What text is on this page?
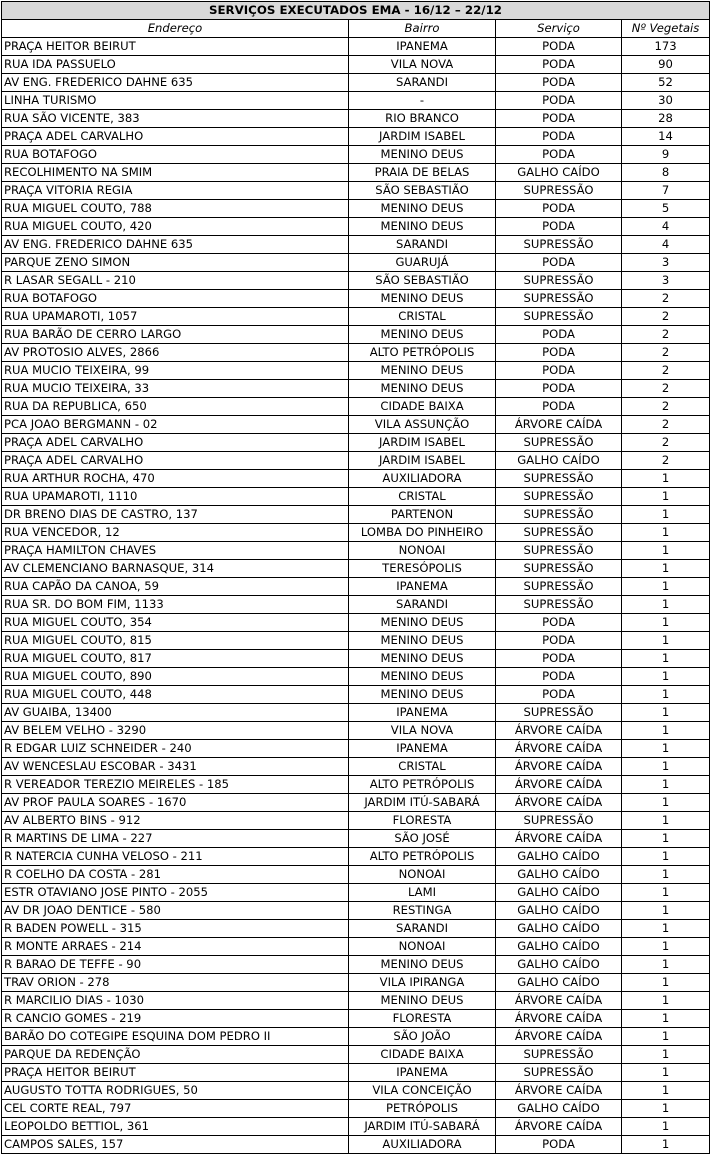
SERVIÇOS EXECUTADOS EMA - 16/12 – 22/12			
Endereço	Bairro	Serviço	Nº Vegetais
PRAÇA HEITOR BEIRUT	IPANEMA	PODA	173
RUA IDA PASSUELO	VILA NOVA	PODA	90
AV ENG. FREDERICO DAHNE 635	SARANDI	PODA	52
LINHA TURISMO	-	PODA	30
RUA SÃO VICENTE, 383	RIO BRANCO	PODA	28
PRAÇA ADEL CARVALHO	JARDIM ISABEL	PODA	14
RUA BOTAFOGO	MENINO DEUS	PODA	9
RECOLHIMENTO NA SMIM	PRAIA DE BELAS	GALHO CAÍDO	8
PRAÇA VITORIA REGIA	SÃO SEBASTIÃO	SUPRESSÃO	7
RUA MIGUEL COUTO, 788	MENINO DEUS	PODA	5
RUA MIGUEL COUTO, 420	MENINO DEUS	PODA	4
AV ENG. FREDERICO DAHNE 635	SARANDI	SUPRESSÃO	4
PARQUE ZENO SIMON	GUARUJÁ	PODA	3
R LASAR SEGALL - 210	SÃO SEBASTIÃO	SUPRESSÃO	3
RUA BOTAFOGO	MENINO DEUS	SUPRESSÃO	2
RUA UPAMAROTI, 1057	CRISTAL	SUPRESSÃO	2
RUA BARÃO DE CERRO LARGO	MENINO DEUS	PODA	2
AV PROTOSIO ALVES, 2866	ALTO PETRÓPOLIS	PODA	2
RUA MUCIO TEIXEIRA, 99	MENINO DEUS	PODA	2
RUA MUCIO TEIXEIRA, 33	MENINO DEUS	PODA	2
RUA DA REPUBLICA, 650	CIDADE BAIXA	PODA	2
PCA JOAO BERGMANN - 02	VILA ASSUNÇÃO	ÁRVORE CAÍDA	2
PRAÇA ADEL CARVALHO	JARDIM ISABEL	SUPRESSÃO	2
PRAÇA ADEL CARVALHO	JARDIM ISABEL	GALHO CAÍDO	2
RUA ARTHUR ROCHA, 470	AUXILIADORA	SUPRESSÃO	1
RUA UPAMAROTI, 1110	CRISTAL	SUPRESSÃO	1
DR BRENO DIAS DE CASTRO, 137	PARTENON	SUPRESSÃO	1
RUA VENCEDOR, 12	LOMBA DO PINHEIRO	SUPRESSÃO	1
PRAÇA HAMILTON CHAVES	NONOAI	SUPRESSÃO	1
AV CLEMENCIANO BARNASQUE, 314	TERESÓPOLIS	SUPRESSÃO	1
RUA CAPÃO DA CANOA, 59	IPANEMA	SUPRESSÃO	1
RUA SR. DO BOM FIM, 1133	SARANDI	SUPRESSÃO	1
RUA MIGUEL COUTO, 354	MENINO DEUS	PODA	1
RUA MIGUEL COUTO, 815	MENINO DEUS	PODA	1
RUA MIGUEL COUTO, 817	MENINO DEUS	PODA	1
RUA MIGUEL COUTO, 890	MENINO DEUS	PODA	1
RUA MIGUEL COUTO, 448	MENINO DEUS	PODA	1
AV GUAIBA, 13400	IPANEMA	SUPRESSÃO	1
AV BELEM VELHO - 3290	VILA NOVA	ÁRVORE CAÍDA	1
R EDGAR LUIZ SCHNEIDER - 240	IPANEMA	ÁRVORE CAÍDA	1
AV WENCESLAU ESCOBAR - 3431	CRISTAL	ÁRVORE CAÍDA	1
R VEREADOR TEREZIO MEIRELES - 185	ALTO PETRÓPOLIS	ÁRVORE CAÍDA	1
AV PROF PAULA SOARES - 1670	JARDIM ITÚ-SABARÁ	ÁRVORE CAÍDA	1
AV ALBERTO BINS - 912	FLORESTA	SUPRESSÃO	1
R MARTINS DE LIMA - 227	SÃO JOSÉ	ÁRVORE CAÍDA	1
R NATERCIA CUNHA VELOSO - 211	ALTO PETRÓPOLIS	GALHO CAÍDO	1
R COELHO DA COSTA - 281	NONOAI	GALHO CAÍDO	1
ESTR OTAVIANO JOSE PINTO - 2055	LAMI	GALHO CAÍDO	1
AV DR JOAO DENTICE - 580	RESTINGA	GALHO CAÍDO	1
R BADEN POWELL - 315	SARANDI	GALHO CAÍDO	1
R MONTE ARRAES - 214	NONOAI	GALHO CAÍDO	1
R BARAO DE TEFFE - 90	MENINO DEUS	GALHO CAÍDO	1
TRAV ORION - 278	VILA IPIRANGA	GALHO CAÍDO	1
R MARCILIO DIAS - 1030	MENINO DEUS	ÁRVORE CAÍDA	1
R CANCIO GOMES - 219	FLORESTA	ÁRVORE CAÍDA	1
BARÃO DO COTEGIPE ESQUINA DOM PEDRO II	SÃO JOÃO	ÁRVORE CAÍDA	1
PARQUE DA REDENÇÃO	CIDADE BAIXA	SUPRESSÃO	1
PRAÇA HEITOR BEIRUT	IPANEMA	SUPRESSÃO	1
AUGUSTO TOTTA RODRIGUES, 50	VILA CONCEIÇÃO	ÁRVORE CAÍDA	1
CEL CORTE REAL, 797	PETRÓPOLIS	GALHO CAÍDO	1
LEOPOLDO BETTIOL, 361	JARDIM ITÚ-SABARÁ	ÁRVORE CAÍDA	1
CAMPOS SALES, 157	AUXILIADORA	PODA	1
